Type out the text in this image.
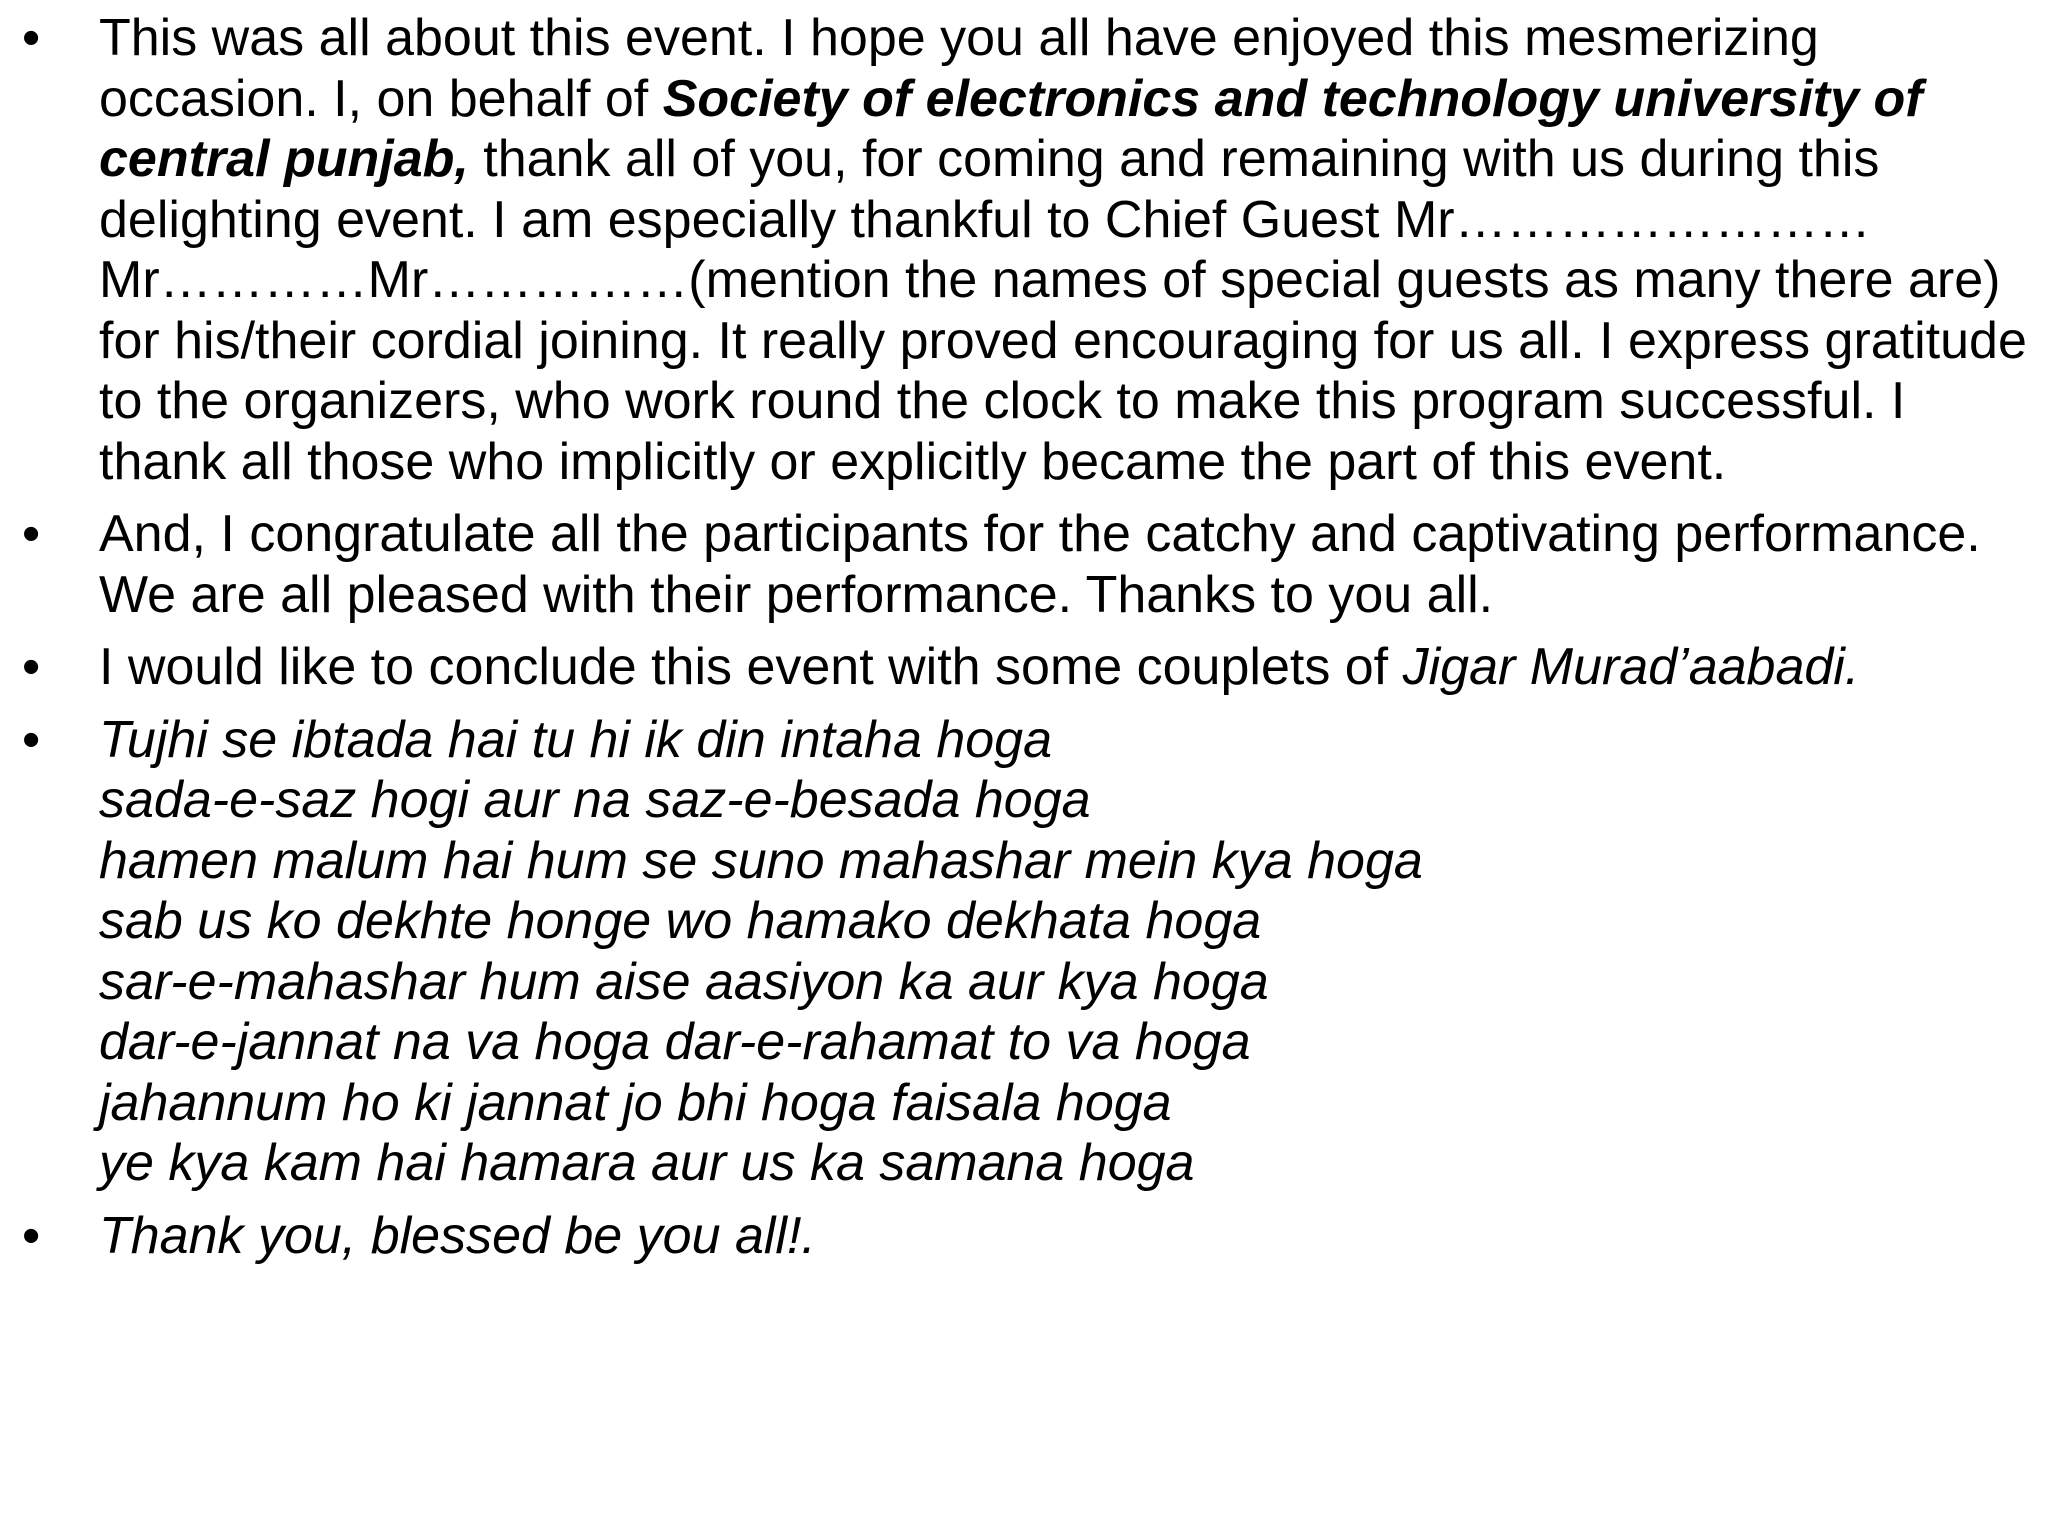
• This was all about this event. I hope you all have enjoyed this mesmerizing occasion. I, on behalf of Society of electronics and technology university of central punjab, thank all of you, for coming and remaining with us during this delighting event. I am especially thankful to Chief Guest Mr……………………Mr…………Mr……………(mention the names of special guests as many there are) for his/their cordial joining. It really proved encouraging for us all. I express gratitude to the organizers, who work round the clock to make this program successful. I thank all those who implicitly or explicitly became the part of this event.
• And, I congratulate all the participants for the catchy and captivating performance. We are all pleased with their performance. Thanks to you all.
• I would like to conclude this event with some couplets of Jigar Murad’aabadi.
• Tujhi se ibtada hai tu hi ik din intaha hoga
sada-e-saz hogi aur na saz-e-besada hoga
hamen malum hai hum se suno mahashar mein kya hoga
sab us ko dekhte honge wo hamako dekhata hoga
sar-e-mahashar hum aise aasiyon ka aur kya hoga
dar-e-jannat na va hoga dar-e-rahamat to va hoga
jahannum ho ki jannat jo bhi hoga faisala hoga
ye kya kam hai hamara aur us ka samana hoga
• Thank you, blessed be you all!.
